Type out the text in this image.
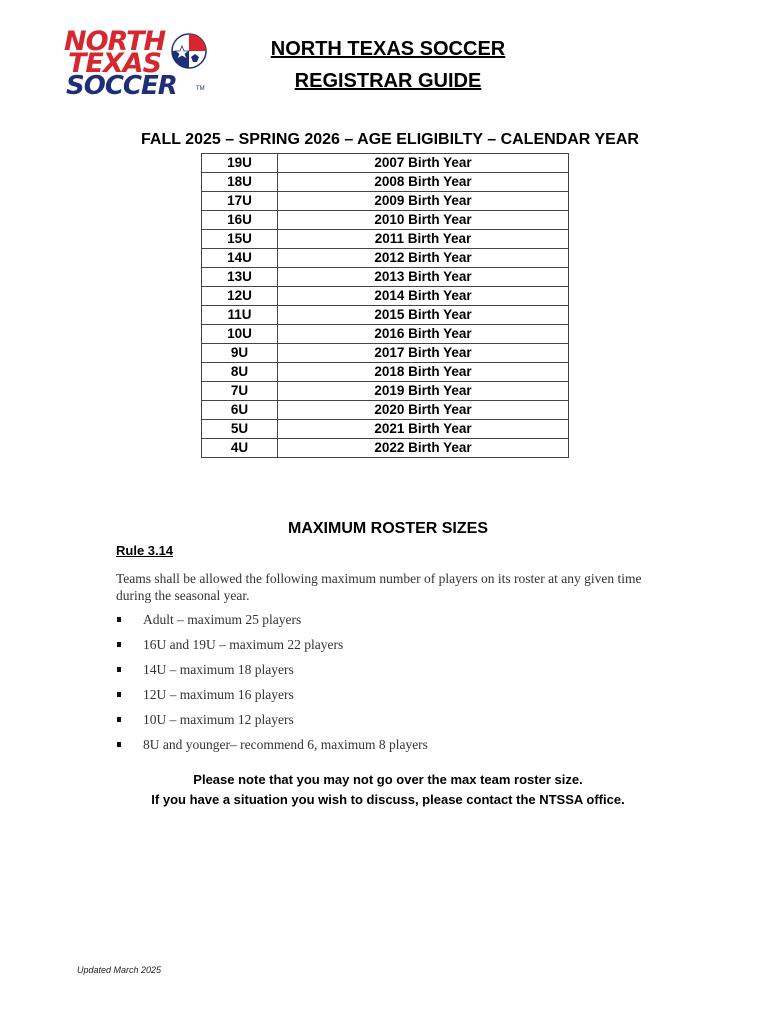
NORTH
TEXAS
SOCCER	TM
NORTH TEXAS SOCCER
REGISTRAR GUIDE
FALL 2025 – SPRING 2026 – AGE ELIGIBILTY – CALENDAR YEAR
19U	2007 Birth Year
18U	2008 Birth Year
17U	2009 Birth Year
16U	2010 Birth Year
15U	2011 Birth Year
14U	2012 Birth Year
13U	2013 Birth Year
12U	2014 Birth Year
11U	2015 Birth Year
10U	2016 Birth Year
9U	2017 Birth Year
8U	2018 Birth Year
7U	2019 Birth Year
6U	2020 Birth Year
5U	2021 Birth Year
4U	2022 Birth Year
MAXIMUM ROSTER SIZES
Rule 3.14
Teams shall be allowed the following maximum number of players on its roster at any given time during the seasonal year.
Adult – maximum 25 players
16U and 19U – maximum 22 players
14U – maximum 18 players
12U – maximum 16 players
10U – maximum 12 players
8U and younger– recommend 6, maximum 8 players
Please note that you may not go over the max team roster size.
If you have a situation you wish to discuss, please contact the NTSSA office.
Updated March 2025
